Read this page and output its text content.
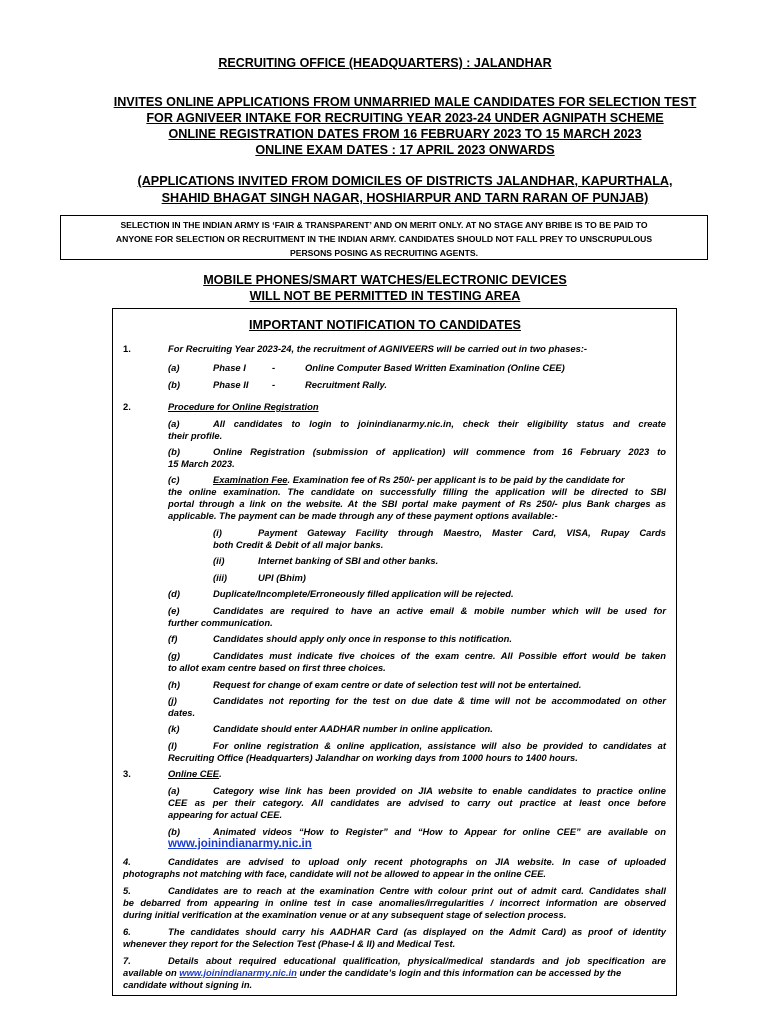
RECRUITING OFFICE (HEADQUARTERS) : JALANDHAR
INVITES ONLINE APPLICATIONS FROM UNMARRIED MALE CANDIDATES FOR SELECTION TEST
FOR AGNIVEER INTAKE FOR RECRUITING YEAR 2023-24 UNDER AGNIPATH SCHEME
ONLINE REGISTRATION DATES FROM 16 FEBRUARY 2023 TO 15 MARCH 2023
ONLINE EXAM DATES : 17 APRIL 2023 ONWARDS
(APPLICATIONS INVITED FROM DOMICILES OF DISTRICTS JALANDHAR, KAPURTHALA,
SHAHID BHAGAT SINGH NAGAR, HOSHIARPUR AND TARN RARAN OF PUNJAB)
SELECTION IN THE INDIAN ARMY IS ‘FAIR & TRANSPARENT’ AND ON MERIT ONLY. AT NO STAGE ANY BRIBE IS TO BE PAID TO
ANYONE FOR SELECTION OR RECRUITMENT IN THE INDIAN ARMY. CANDIDATES SHOULD NOT FALL PREY TO UNSCRUPULOUS
PERSONS POSING AS RECRUITING AGENTS.
MOBILE PHONES/SMART WATCHES/ELECTRONIC DEVICES
WILL NOT BE PERMITTED IN TESTING AREA
IMPORTANT NOTIFICATION TO CANDIDATES
1.	For Recruiting Year 2023-24, the recruitment of AGNIVEERS will be carried out in two phases:-
(a)	Phase I	-	Online Computer Based Written Examination (Online CEE)
(b)	Phase II	-	Recruitment Rally.
2.	Procedure for Online Registration
(a)	All candidates to login to joinindianarmy.nic.in, check their eligibility status and create
their profile.
(b)	Online Registration (submission of application) will commence from 16 February 2023 to
15 March 2023.
(c)	Examination Fee. Examination fee of Rs 250/- per applicant is to be paid by the candidate for
the online examination. The candidate on successfully filling the application will be directed to SBI
portal through a link on the website. At the SBI portal make payment of Rs 250/- plus Bank charges as
applicable. The payment can be made through any of these payment options available:-
(i)	Payment Gateway Facility through Maestro, Master Card, VISA, Rupay Cards
both Credit & Debit of all major banks.
(ii)	Internet banking of SBI and other banks.
(iii)	UPI (Bhim)
(d)	Duplicate/Incomplete/Erroneously filled application will be rejected.
(e)	Candidates are required to have an active email & mobile number which will be used for
further communication.
(f)	Candidates should apply only once in response to this notification.
(g)	Candidates must indicate five choices of the exam centre. All Possible effort would be taken
to allot exam centre based on first three choices.
(h)	Request for change of exam centre or date of selection test will not be entertained.
(j)	Candidates not reporting for the test on due date & time will not be accommodated on other
dates.
(k)	Candidate should enter AADHAR number in online application.
(l)	For online registration & online application, assistance will also be provided to candidates at
Recruiting Office (Headquarters) Jalandhar on working days from 1000 hours to 1400 hours.
3.	Online CEE.
(a)	Category wise link has been provided on JIA website to enable candidates to practice online
CEE as per their category. All candidates are advised to carry out practice at least once before
appearing for actual CEE.
(b)	Animated videos “How to Register” and “How to Appear for online CEE” are available on
www.joinindianarmy.nic.in
4.	Candidates are advised to upload only recent photographs on JIA website. In case of uploaded
photographs not matching with face, candidate will not be allowed to appear in the online CEE.
5.	Candidates are to reach at the examination Centre with colour print out of admit card. Candidates shall
be debarred from appearing in online test in case anomalies/irregularities / incorrect information are observed
during initial verification at the examination venue or at any subsequent stage of selection process.
6.	The candidates should carry his AADHAR Card (as displayed on the Admit Card) as proof of identity
whenever they report for the Selection Test (Phase-I & II) and Medical Test.
7.	Details about required educational qualification, physical/medical standards and job specification are
available on www.joinindianarmy.nic.in under the candidate’s login and this information can be accessed by the
candidate without signing in.
